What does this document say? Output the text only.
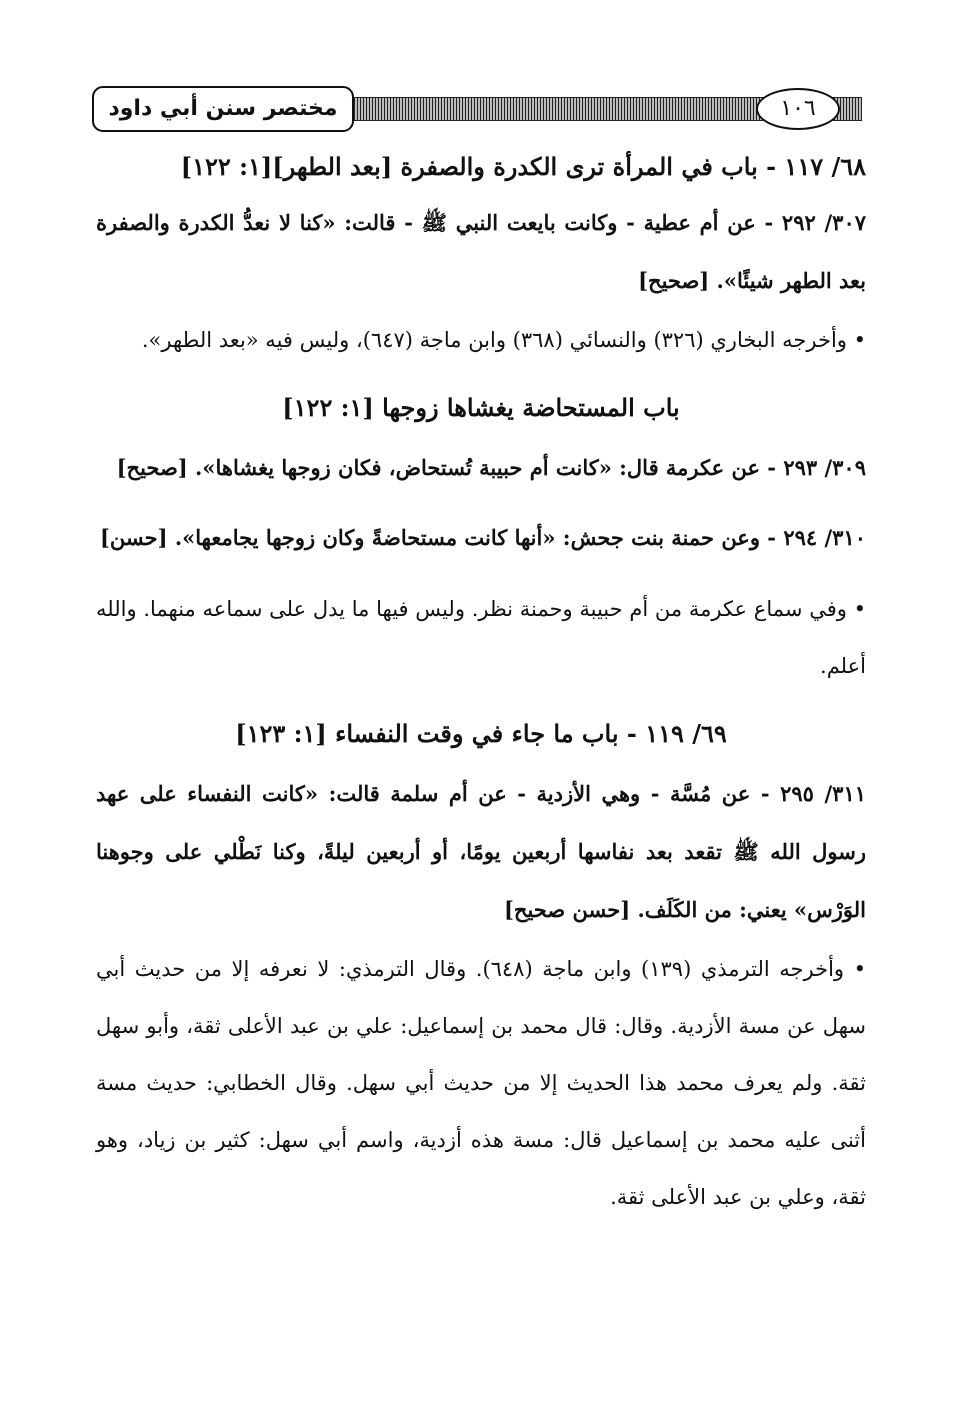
مختصر سنن أبي داود	١٠٦
٦٨/ ١١٧ - باب في المرأة ترى الكدرة والصفرة [بعد الطهر][١: ١٢٢]

٣٠٧/ ٢٩٢ - عن أم عطية - وكانت بايعت النبي ﷺ - قالت: «كنا لا نعدُّ الكدرة والصفرة بعد الطهر شيئًا». [صحيح]

• وأخرجه البخاري (٣٢٦) والنسائي (٣٦٨) وابن ماجة (٦٤٧)، وليس فيه «بعد الطهر».

باب المستحاضة يغشاها زوجها [١: ١٢٢]

٣٠٩/ ٢٩٣ - عن عكرمة قال: «كانت أم حبيبة تُستحاض، فكان زوجها يغشاها». [صحيح]

٣١٠/ ٢٩٤ - وعن حمنة بنت جحش: «أنها كانت مستحاضةً وكان زوجها يجامعها». [حسن]

• وفي سماع عكرمة من أم حبيبة وحمنة نظر. وليس فيها ما يدل على سماعه منهما. والله أعلم.

٦٩/ ١١٩ - باب ما جاء في وقت النفساء [١: ١٢٣]

٣١١/ ٢٩٥ - عن مُسَّة - وهي الأزدية - عن أم سلمة قالت: «كانت النفساء على عهد رسول الله ﷺ تقعد بعد نفاسها أربعين يومًا، أو أربعين ليلةً، وكنا نَطْلي على وجوهنا الوَرْس» يعني: من الكَلَف. [حسن صحيح]

• وأخرجه الترمذي (١٣٩) وابن ماجة (٦٤٨). وقال الترمذي: لا نعرفه إلا من حديث أبي سهل عن مسة الأزدية. وقال: قال محمد بن إسماعيل: علي بن عبد الأعلى ثقة، وأبو سهل ثقة. ولم يعرف محمد هذا الحديث إلا من حديث أبي سهل. وقال الخطابي: حديث مسة أثنى عليه محمد بن إسماعيل قال: مسة هذه أزدية، واسم أبي سهل: كثير بن زياد، وهو ثقة، وعلي بن عبد الأعلى ثقة.
